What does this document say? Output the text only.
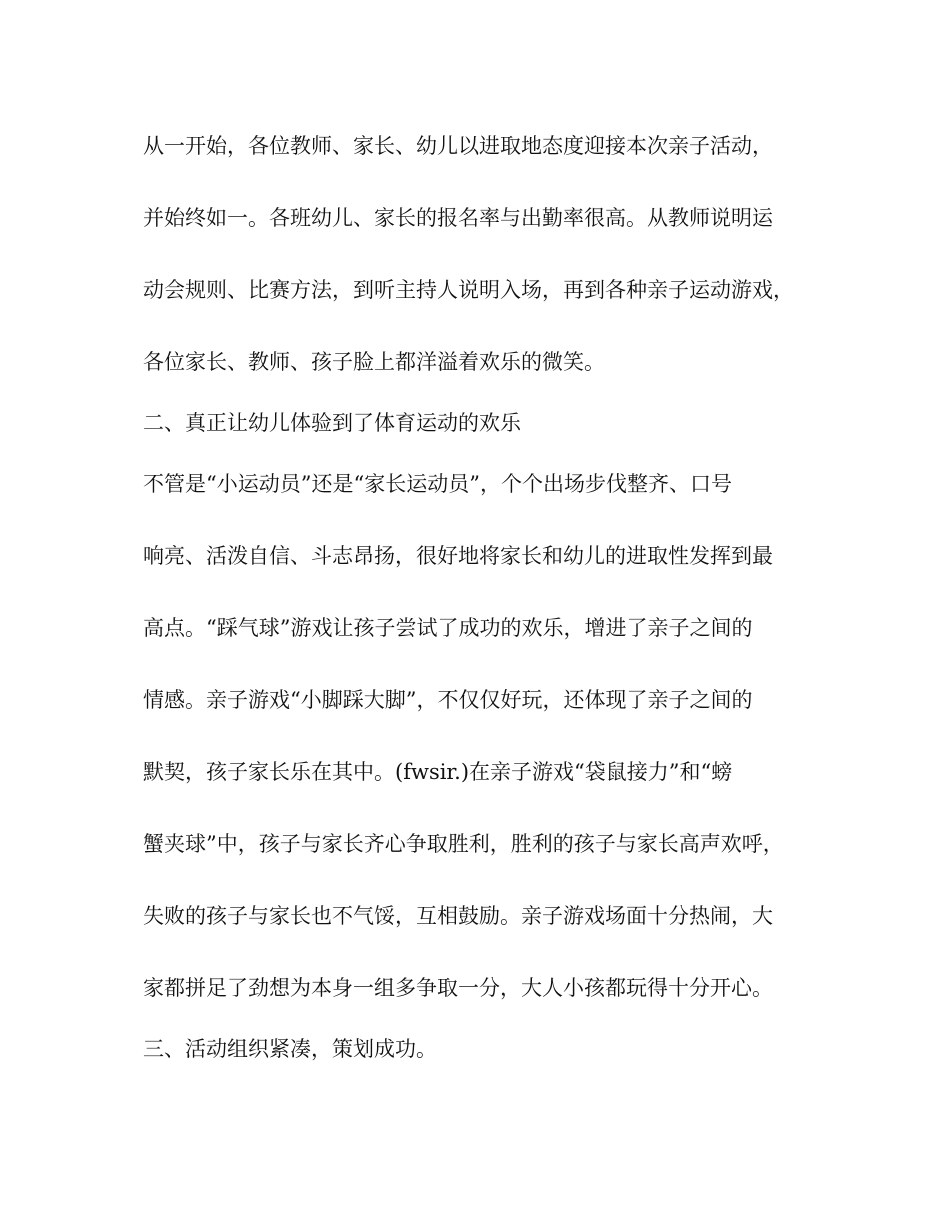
从一开始，各位教师、家长、幼儿以进取地态度迎接本次亲子活动，
并始终如一。各班幼儿、家长的报名率与出勤率很高。从教师说明运
动会规则、比赛方法，到听主持人说明入场，再到各种亲子运动游戏，
各位家长、教师、孩子脸上都洋溢着欢乐的微笑。
二、真正让幼儿体验到了体育运动的欢乐
不管是“小运动员”还是“家长运动员”，个个出场步伐整齐、口号
响亮、活泼自信、斗志昂扬，很好地将家长和幼儿的进取性发挥到最
高点。“踩气球”游戏让孩子尝试了成功的欢乐，增进了亲子之间的
情感。亲子游戏“小脚踩大脚”，不仅仅好玩，还体现了亲子之间的
默契，孩子家长乐在其中。(fwsir.)在亲子游戏“袋鼠接力”和“螃
蟹夹球”中，孩子与家长齐心争取胜利，胜利的孩子与家长高声欢呼，
失败的孩子与家长也不气馁，互相鼓励。亲子游戏场面十分热闹，大
家都拼足了劲想为本身一组多争取一分，大人小孩都玩得十分开心。
三、活动组织紧凑，策划成功。
